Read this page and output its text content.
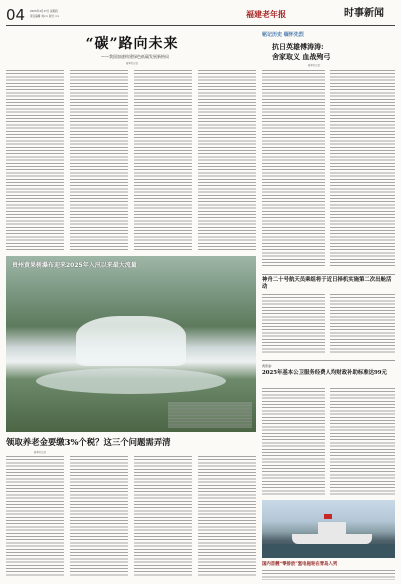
04 2025年4月17日 星期四
责任编辑 刘×× 版式 ××	福建老年报	时事新闻
“碳”路向未来
——我国加速构建绿色低碳发展新格局
新华社记者
铭记历史 缅怀先烈
抗日英雄傅涛涛:
舍家取义 血战殉弓
新华社记者
贵州黄果树瀑布迎来2025年入汛以来最大流量
神舟二十号航天员乘组将于近日择机实施第二次出舱活动
两部委：
2025年基本公卫服务经费人均财政补助标准达99元
领取养老金要缴3%个税？这三个问题需弄清
新华社记者
国内首艘“零排放”氢电拖轮在青岛入列
